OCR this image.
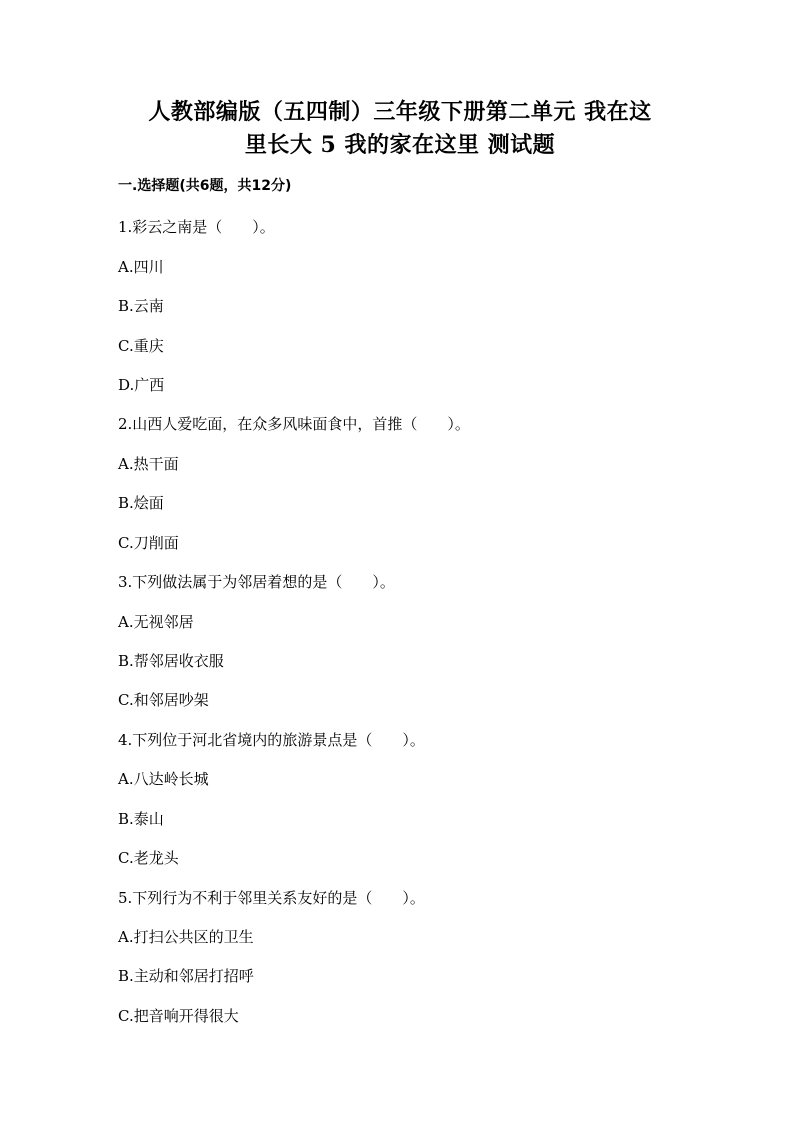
人教部编版（五四制）三年级下册第二单元 我在这
里长大 5 我的家在这里 测试题
一.选择题(共6题，共12分)
1.彩云之南是（　　）。
A.四川
B.云南
C.重庆
D.广西
2.山西人爱吃面，在众多风味面食中，首推（　　）。
A.热干面
B.烩面
C.刀削面
3.下列做法属于为邻居着想的是（　　）。
A.无视邻居
B.帮邻居收衣服
C.和邻居吵架
4.下列位于河北省境内的旅游景点是（　　）。
A.八达岭长城
B.泰山
C.老龙头
5.下列行为不利于邻里关系友好的是（　　）。
A.打扫公共区的卫生
B.主动和邻居打招呼
C.把音响开得很大
